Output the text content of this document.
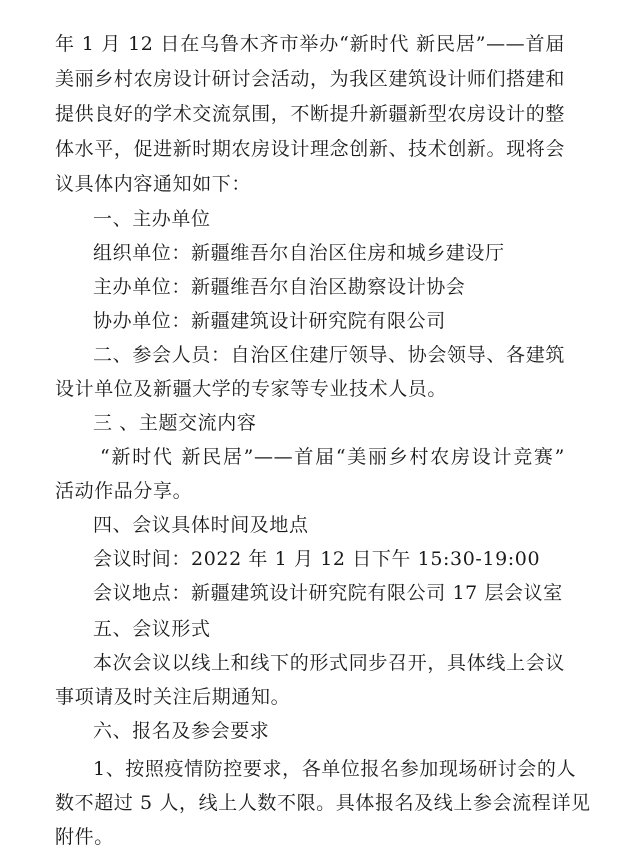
年 1 月 12 日在乌鲁木齐市举办“新时代 新民居”——首届
美丽乡村农房设计研讨会活动，为我区建筑设计师们搭建和
提供良好的学术交流氛围，不断提升新疆新型农房设计的整
体水平，促进新时期农房设计理念创新、技术创新。现将会
议具体内容通知如下：
一、主办单位
组织单位：新疆维吾尔自治区住房和城乡建设厅
主办单位：新疆维吾尔自治区勘察设计协会
协办单位：新疆建筑设计研究院有限公司
二、参会人员：自治区住建厅领导、协会领导、各建筑
设计单位及新疆大学的专家等专业技术人员。
三 、主题交流内容
“新时代 新民居”——首届“美丽乡村农房设计竞赛”
活动作品分享。
四、会议具体时间及地点
会议时间：2022 年 1 月 12 日下午 15:30-19:00
会议地点：新疆建筑设计研究院有限公司 17 层会议室
五、会议形式
本次会议以线上和线下的形式同步召开，具体线上会议
事项请及时关注后期通知。
六、报名及参会要求
1、按照疫情防控要求，各单位报名参加现场研讨会的人
数不超过 5 人，线上人数不限。具体报名及线上参会流程详见
附件。
